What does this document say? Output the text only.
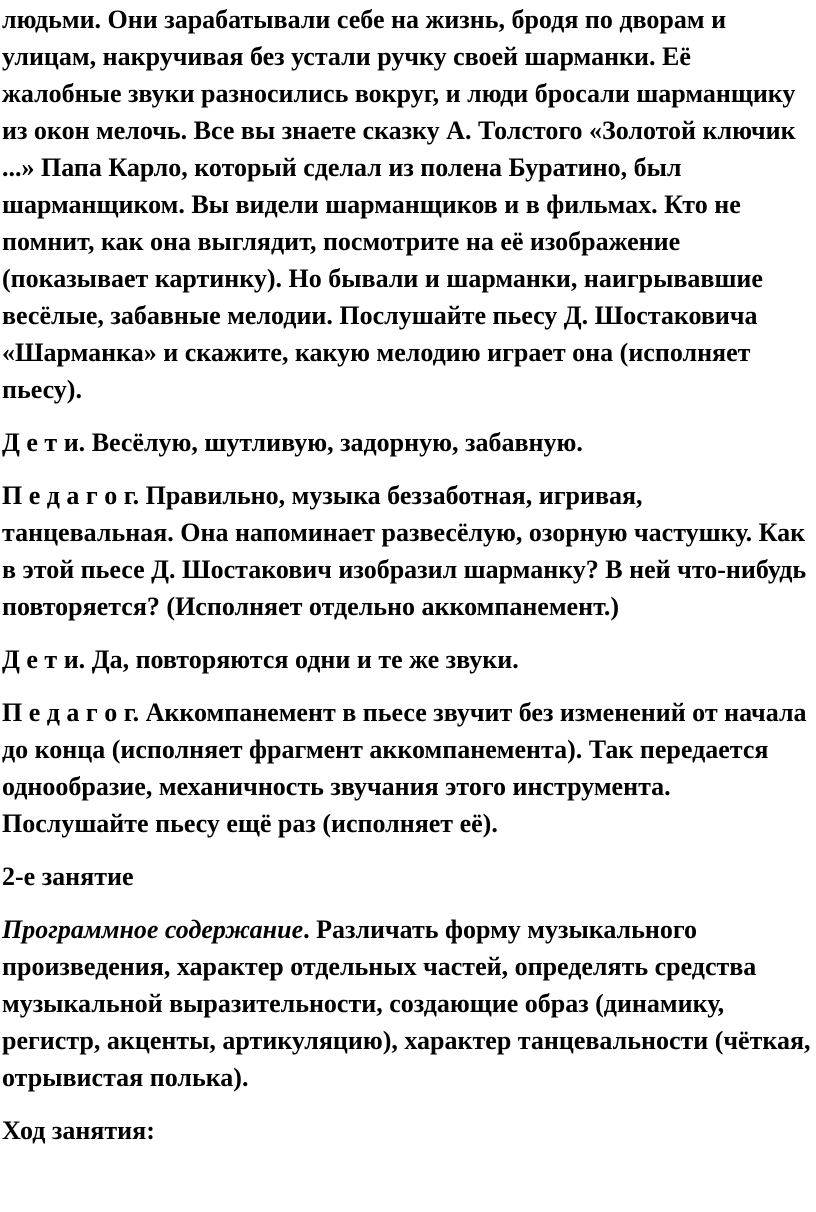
людьми. Они зарабатывали себе на жизнь, бродя по дворам и улицам, накручивая без устали ручку своей шарманки. Её жалобные звуки разносились вокруг, и люди бросали шарманщику из окон мелочь. Все вы знаете сказку А. Толстого «Золотой ключик ...» Папа Карло, который сделал из полена Буратино, был шарманщиком. Вы видели шарманщиков и в фильмах. Кто не помнит, как она выглядит, посмотрите на её изображение (показывает картинку). Но бывали и шарманки, наигрывавшие весёлые, забавные мелодии. Послушайте пьесу Д. Шостаковича «Шарманка» и скажите, какую мелодию играет она (исполняет пьесу).

Д е т и. Весёлую, шутливую, задорную, забавную.

П е д а г о г. Правильно, музыка беззаботная, игривая, танцевальная. Она напоминает развесёлую, озорную частушку. Как в этой пьесе Д. Шостакович изобразил шарманку? В ней что-нибудь повторяется? (Исполняет отдельно аккомпанемент.)

Д е т и. Да, повторяются одни и те же звуки.

П е д а г о г. Аккомпанемент в пьесе звучит без изменений от начала до конца (исполняет фрагмент аккомпанемента). Так передается однообразие, механичность звучания этого инструмента. Послушайте пьесу ещё раз (исполняет её).

2-е занятие

Программное содержание. Различать форму музыкального произведения, характер отдельных частей, определять средства музыкальной выразительности, создающие образ (динамику, регистр, акценты, артикуляцию), характер танцевальности (чёткая, отрывистая полька).

Ход занятия:
